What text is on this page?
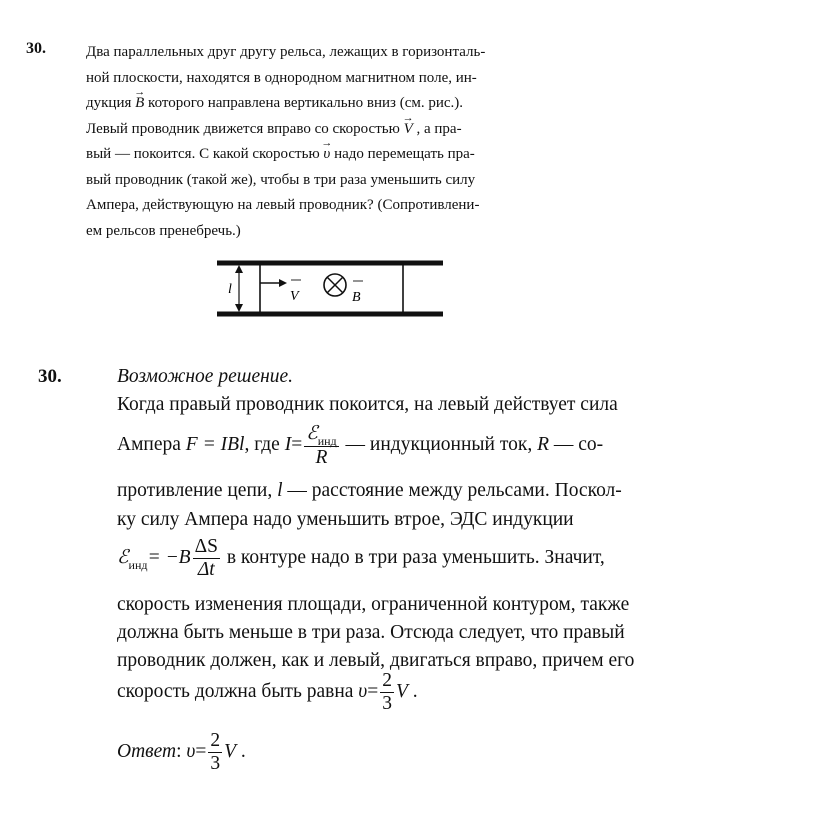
30.	Два параллельных друг другу рельса, лежащих в горизонталь-
ной плоскости, находятся в однородном магнитном поле, ин-
дукция → B которого направлена вертикально вниз (см. рис.).
Левый проводник движется вправо со скоростью → V , а пра-
вый — покоится. С какой скоростью → υ надо перемещать пра-
вый проводник (такой же), чтобы в три раза уменьшить силу
Ампера, действующую на левый проводник? (Сопротивлени-
ем рельсов пренебречь.)
l	V	B
30.	Возможное решение.
Когда правый проводник покоится, на левый действует сила
Ампера F = IBl, где $I= \frac{ℰ_{инд}}{R}$ — индукционный ток, R — со-
противление цепи, l — расстояние между рельсами. Поскол-
ку силу Ампера надо уменьшить втрое, ЭДС индукции
ℰ$_{инд}$= $-B \frac{\Delta S}{\Delta t}$ в контуре надо в три раза уменьшить. Значит,
скорость изменения площади, ограниченной контуром, также
должна быть меньше в три раза. Отсюда следует, что правый
проводник должен, как и левый, двигаться вправо, причем его
скорость должна быть равна $\upsilon= \frac{2}{3}$ V .
Ответ: $\upsilon= \frac{2}{3}$ V .
